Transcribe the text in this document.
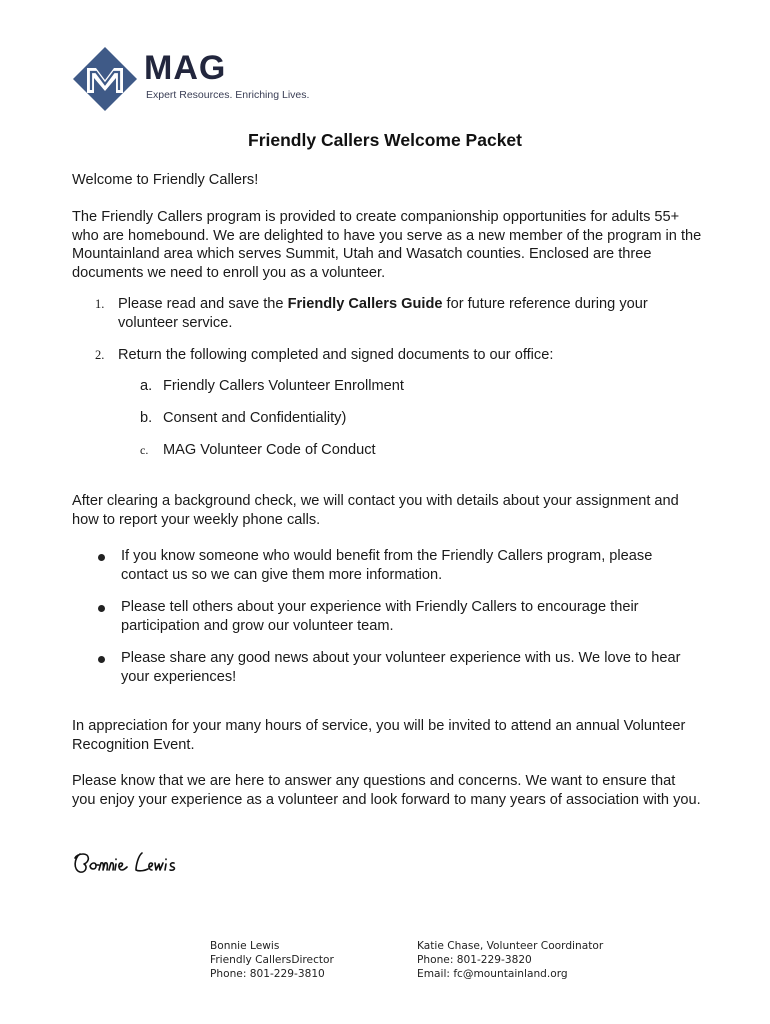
MAG
Expert Resources. Enriching Lives.
Friendly Callers Welcome Packet

Welcome to Friendly Callers!

The Friendly Callers program is provided to create companionship opportunities for adults 55+ who are homebound. We are delighted to have you serve as a new member of the program in the Mountainland area which serves Summit, Utah and Wasatch counties. Enclosed are three documents we need to enroll you as a volunteer.

1. Please read and save the Friendly Callers Guide for future reference during your volunteer service.
2. Return the following completed and signed documents to our office:
a. Friendly Callers Volunteer Enrollment
b. Consent and Confidentiality)
c. MAG Volunteer Code of Conduct

After clearing a background check, we will contact you with details about your assignment and how to report your weekly phone calls.

If you know someone who would benefit from the Friendly Callers program, please contact us so we can give them more information.
Please tell others about your experience with Friendly Callers to encourage their participation and grow our volunteer team.
Please share any good news about your volunteer experience with us. We love to hear your experiences!

In appreciation for your many hours of service, you will be invited to attend an annual Volunteer Recognition Event.

Please know that we are here to answer any questions and concerns. We want to ensure that you enjoy your experience as a volunteer and look forward to many years of association with you.

Bonnie Lewis
Friendly CallersDirector
Phone: 801-229-3810
Katie Chase, Volunteer Coordinator
Phone: 801-229-3820
Email: fc@mountainland.org
